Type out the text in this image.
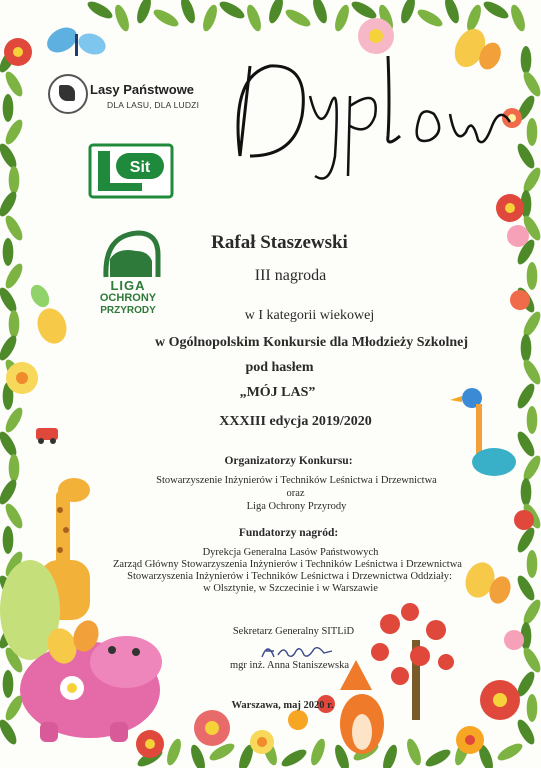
Lasy Państwowe
DLA LASU, DLA LUDZI
Sit
LIGA
OCHRONY
PRZYRODY
Rafał Staszewski
III nagroda
w I kategorii wiekowej
w Ogólnopolskim Konkursie dla Młodzieży Szkolnej
pod hasłem
„MÓJ LAS”
XXXIII edycja 2019/2020
Organizatorzy Konkursu:
Stowarzyszenie Inżynierów i Techników Leśnictwa i Drzewnictwa
oraz
Liga Ochrony Przyrody
Fundatorzy nagród:
Dyrekcja Generalna Lasów Państwowych
Zarząd Główny Stowarzyszenia Inżynierów i Techników Leśnictwa i Drzewnictwa
Stowarzyszenia Inżynierów i Techników Leśnictwa i Drzewnictwa Oddziały:
w Olsztynie, w Szczecinie i w Warszawie
Sekretarz Generalny SITLiD
mgr inż. Anna Staniszewska
Warszawa, maj 2020 r.
